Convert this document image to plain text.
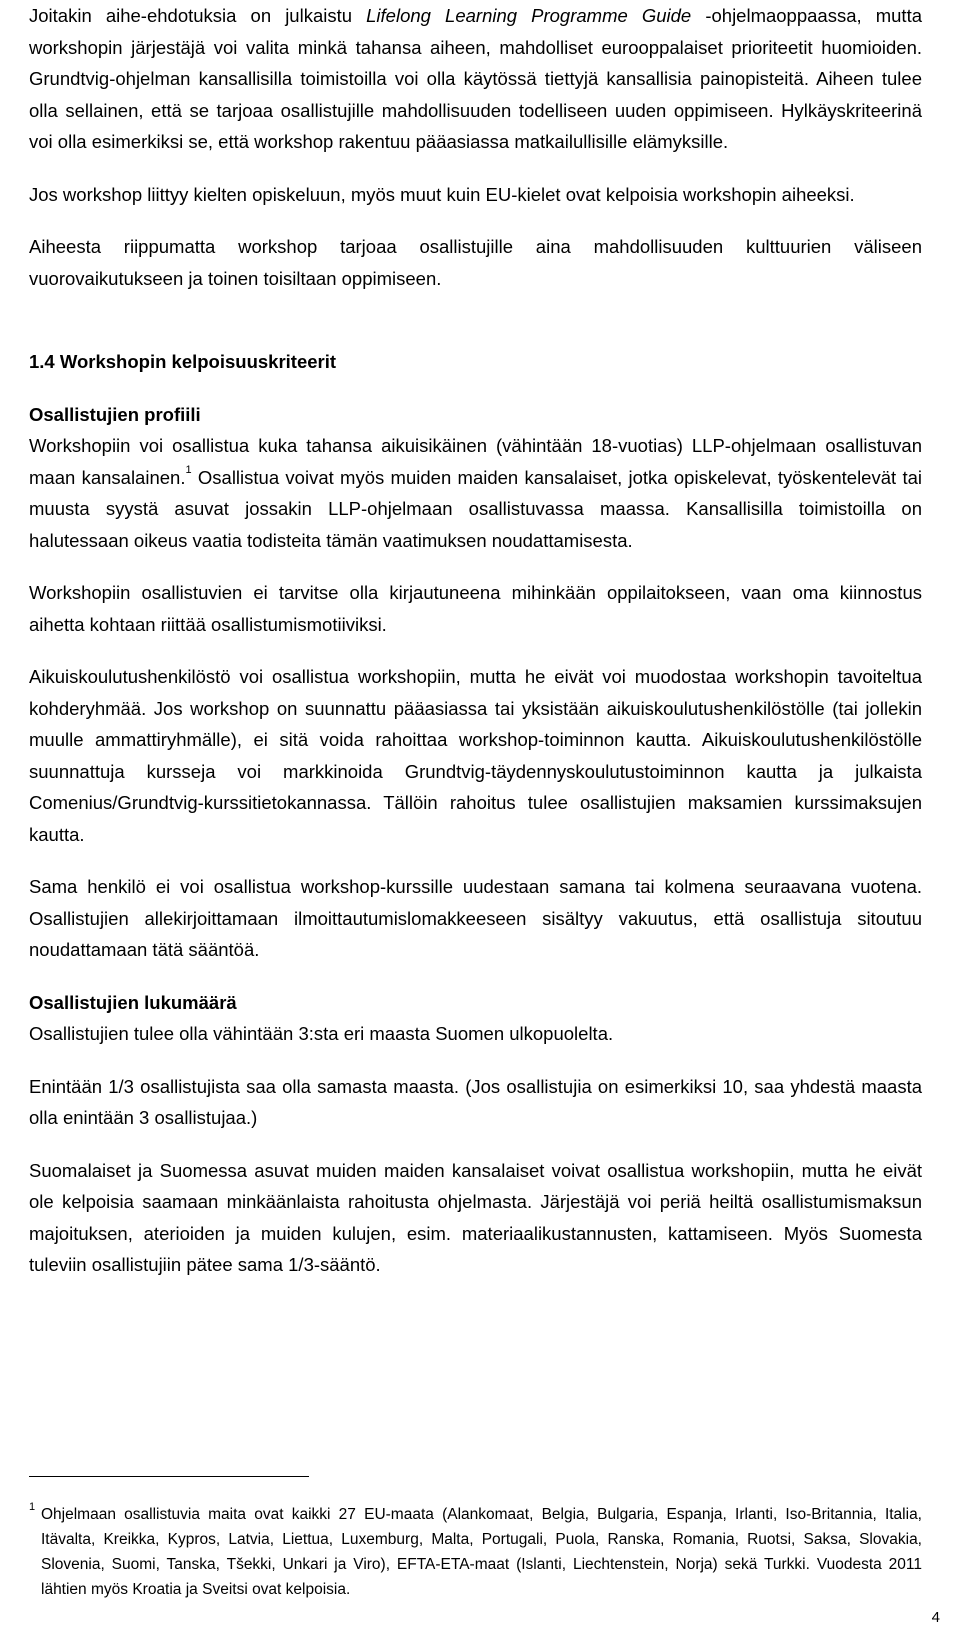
Joitakin aihe-ehdotuksia on julkaistu Lifelong Learning Programme Guide -ohjelmaoppaassa, mutta workshopin järjestäjä voi valita minkä tahansa aiheen, mahdolliset eurooppalaiset prioriteetit huomioiden. Grundtvig-ohjelman kansallisilla toimistoilla voi olla käytössä tiettyjä kansallisia painopisteitä. Aiheen tulee olla sellainen, että se tarjoaa osallistujille mahdollisuuden todelliseen uuden oppimiseen. Hylkäyskriteerinä voi olla esimerkiksi se, että workshop rakentuu pääasiassa matkailullisille elämyksille.

Jos workshop liittyy kielten opiskeluun, myös muut kuin EU-kielet ovat kelpoisia workshopin aiheeksi.

Aiheesta riippumatta workshop tarjoaa osallistujille aina mahdollisuuden kulttuurien väliseen vuorovaikutukseen ja toinen toisiltaan oppimiseen.

1.4 Workshopin kelpoisuuskriteerit

Osallistujien profiili

Workshopiin voi osallistua kuka tahansa aikuisikäinen (vähintään 18-vuotias) LLP-ohjelmaan osallistuvan maan kansalainen.$^1$ Osallistua voivat myös muiden maiden kansalaiset, jotka opiskelevat, työskentelevät tai muusta syystä asuvat jossakin LLP-ohjelmaan osallistuvassa maassa. Kansallisilla toimistoilla on halutessaan oikeus vaatia todisteita tämän vaatimuksen noudattamisesta.

Workshopiin osallistuvien ei tarvitse olla kirjautuneena mihinkään oppilaitokseen, vaan oma kiinnostus aihetta kohtaan riittää osallistumismotiiviksi.

Aikuiskoulutushenkilöstö voi osallistua workshopiin, mutta he eivät voi muodostaa workshopin tavoiteltua kohderyhmää. Jos workshop on suunnattu pääasiassa tai yksistään aikuiskoulutushenkilöstölle (tai jollekin muulle ammattiryhmälle), ei sitä voida rahoittaa workshop-toiminnon kautta. Aikuiskoulutushenkilöstölle suunnattuja kursseja voi markkinoida Grundtvig-täydennyskoulutustoiminnon kautta ja julkaista Comenius/Grundtvig-kurssitietokannassa. Tällöin rahoitus tulee osallistujien maksamien kurssimaksujen kautta.

Sama henkilö ei voi osallistua workshop-kurssille uudestaan samana tai kolmena seuraavana vuotena. Osallistujien allekirjoittamaan ilmoittautumislomakkeeseen sisältyy vakuutus, että osallistuja sitoutuu noudattamaan tätä sääntöä.

Osallistujien lukumäärä

Osallistujien tulee olla vähintään 3:sta eri maasta Suomen ulkopuolelta.

Enintään 1/3 osallistujista saa olla samasta maasta. (Jos osallistujia on esimerkiksi 10, saa yhdestä maasta olla enintään 3 osallistujaa.)

Suomalaiset ja Suomessa asuvat muiden maiden kansalaiset voivat osallistua workshopiin, mutta he eivät ole kelpoisia saamaan minkäänlaista rahoitusta ohjelmasta. Järjestäjä voi periä heiltä osallistumismaksun majoituksen, aterioiden ja muiden kulujen, esim. materiaalikustannusten, kattamiseen. Myös Suomesta tuleviin osallistujiin pätee sama 1/3-sääntö.

1 Ohjelmaan osallistuvia maita ovat kaikki 27 EU-maata (Alankomaat, Belgia, Bulgaria, Espanja, Irlanti, Iso-Britannia, Italia, Itävalta, Kreikka, Kypros, Latvia, Liettua, Luxemburg, Malta, Portugali, Puola, Ranska, Romania, Ruotsi, Saksa, Slovakia, Slovenia, Suomi, Tanska, Tšekki, Unkari ja Viro), EFTA-ETA-maat (Islanti, Liechtenstein, Norja) sekä Turkki. Vuodesta 2011 lähtien myös Kroatia ja Sveitsi ovat kelpoisia.
4
